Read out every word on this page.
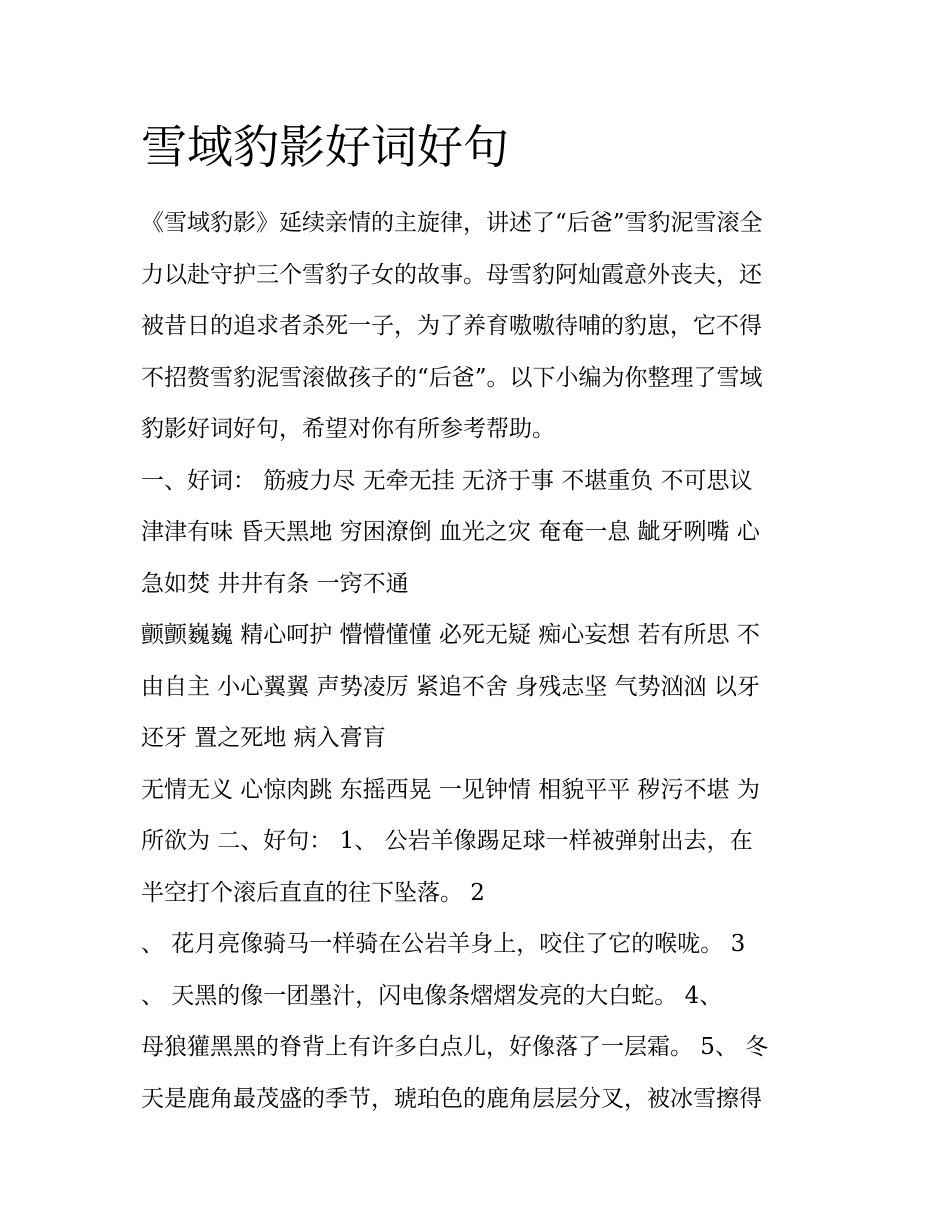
雪域豹影好词好句

《雪域豹影》延续亲情的主旋律，讲述了“后爸”雪豹泥雪滚全

力以赴守护三个雪豹子女的故事。母雪豹阿灿霞意外丧夫，还

被昔日的追求者杀死一子，为了养育嗷嗷待哺的豹崽，它不得

不招赘雪豹泥雪滚做孩子的“后爸”。以下小编为你整理了雪域

豹影好词好句，希望对你有所参考帮助。

一、好词： 筋疲力尽 无牵无挂 无济于事 不堪重负 不可思议

津津有味 昏天黑地 穷困潦倒 血光之灾 奄奄一息 龇牙咧嘴 心

急如焚 井井有条 一窍不通

颤颤巍巍 精心呵护 懵懵懂懂 必死无疑 痴心妄想 若有所思 不

由自主 小心翼翼 声势凌厉 紧追不舍 身残志坚 气势汹汹 以牙

还牙 置之死地 病入膏肓

无情无义 心惊肉跳 东摇西晃 一见钟情 相貌平平 秽污不堪 为

所欲为 二、好句： 1、 公岩羊像踢足球一样被弹射出去，在

半空打个滚后直直的往下坠落。 2

、 花月亮像骑马一样骑在公岩羊身上，咬住了它的喉咙。 3

、 天黑的像一团墨汁，闪电像条熠熠发亮的大白蛇。 4、

母狼獾黑黑的脊背上有许多白点儿，好像落了一层霜。 5、 冬

天是鹿角最茂盛的季节，琥珀色的鹿角层层分叉，被冰雪擦得
